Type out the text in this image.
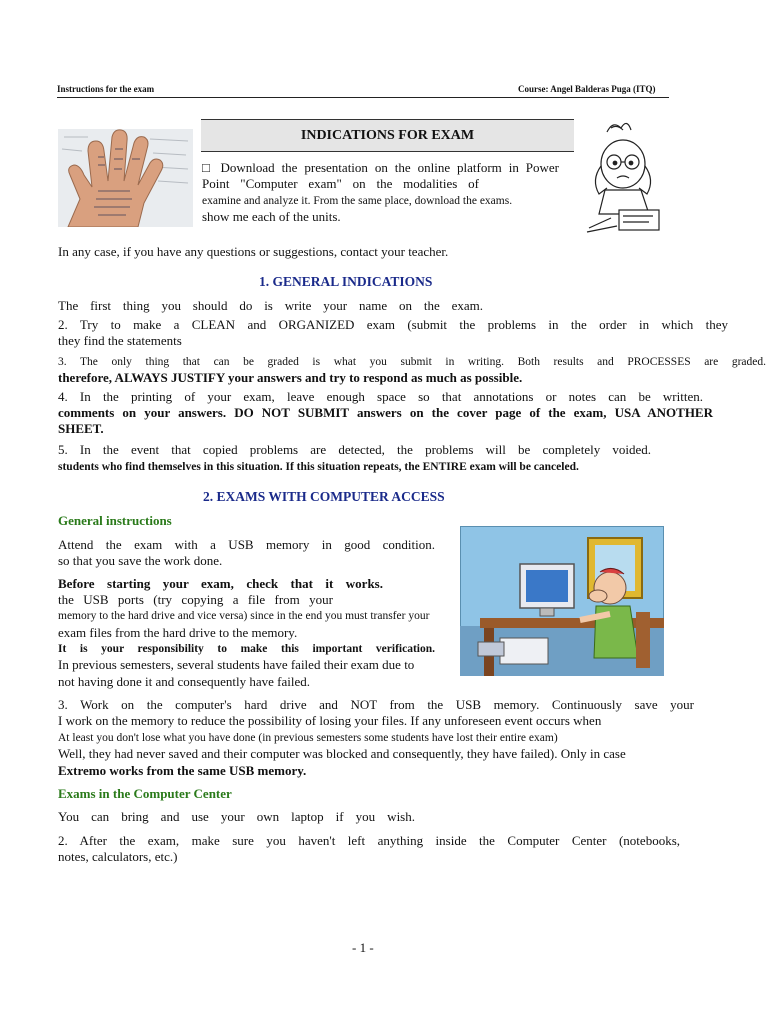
Instructions for the exam	Course: Angel Balderas Puga (ITQ)
INDICATIONS FOR EXAM
□ Download the presentation on the online platform in Power
Point "Computer exam" on the modalities of
examine and analyze it. From the same place, download the exams.
show me each of the units.
In any case, if you have any questions or suggestions, contact your teacher.
1. GENERAL INDICATIONS
The first thing you should do is write your name on the exam.
2. Try to make a CLEAN and ORGANIZED exam (submit the problems in the order in which they
they find the statements
3. The only thing that can be graded is what you submit in writing. Both results and PROCESSES are graded.
therefore, ALWAYS JUSTIFY your answers and try to respond as much as possible.
4. In the printing of your exam, leave enough space so that annotations or notes can be written.
comments on your answers. DO NOT SUBMIT answers on the cover page of the exam, USA ANOTHER
SHEET.
5. In the event that copied problems are detected, the problems will be completely voided.
students who find themselves in this situation. If this situation repeats, the ENTIRE exam will be canceled.
2. EXAMS WITH COMPUTER ACCESS
General instructions
Attend the exam with a USB memory in good condition.
so that you save the work done.
Before starting your exam, check that it works.
the USB ports (try copying a file from your
memory to the hard drive and vice versa) since in the end you must transfer your
exam files from the hard drive to the memory.
It is your responsibility to make this important verification.
In previous semesters, several students have failed their exam due to
not having done it and consequently have failed.
3. Work on the computer's hard drive and NOT from the USB memory. Continuously save your
I work on the memory to reduce the possibility of losing your files. If any unforeseen event occurs when
At least you don't lose what you have done (in previous semesters some students have lost their entire exam)
Well, they had never saved and their computer was blocked and consequently, they have failed). Only in case
Extremo works from the same USB memory.
Exams in the Computer Center
You can bring and use your own laptop if you wish.
2. After the exam, make sure you haven't left anything inside the Computer Center (notebooks,
notes, calculators, etc.)
- 1 -
